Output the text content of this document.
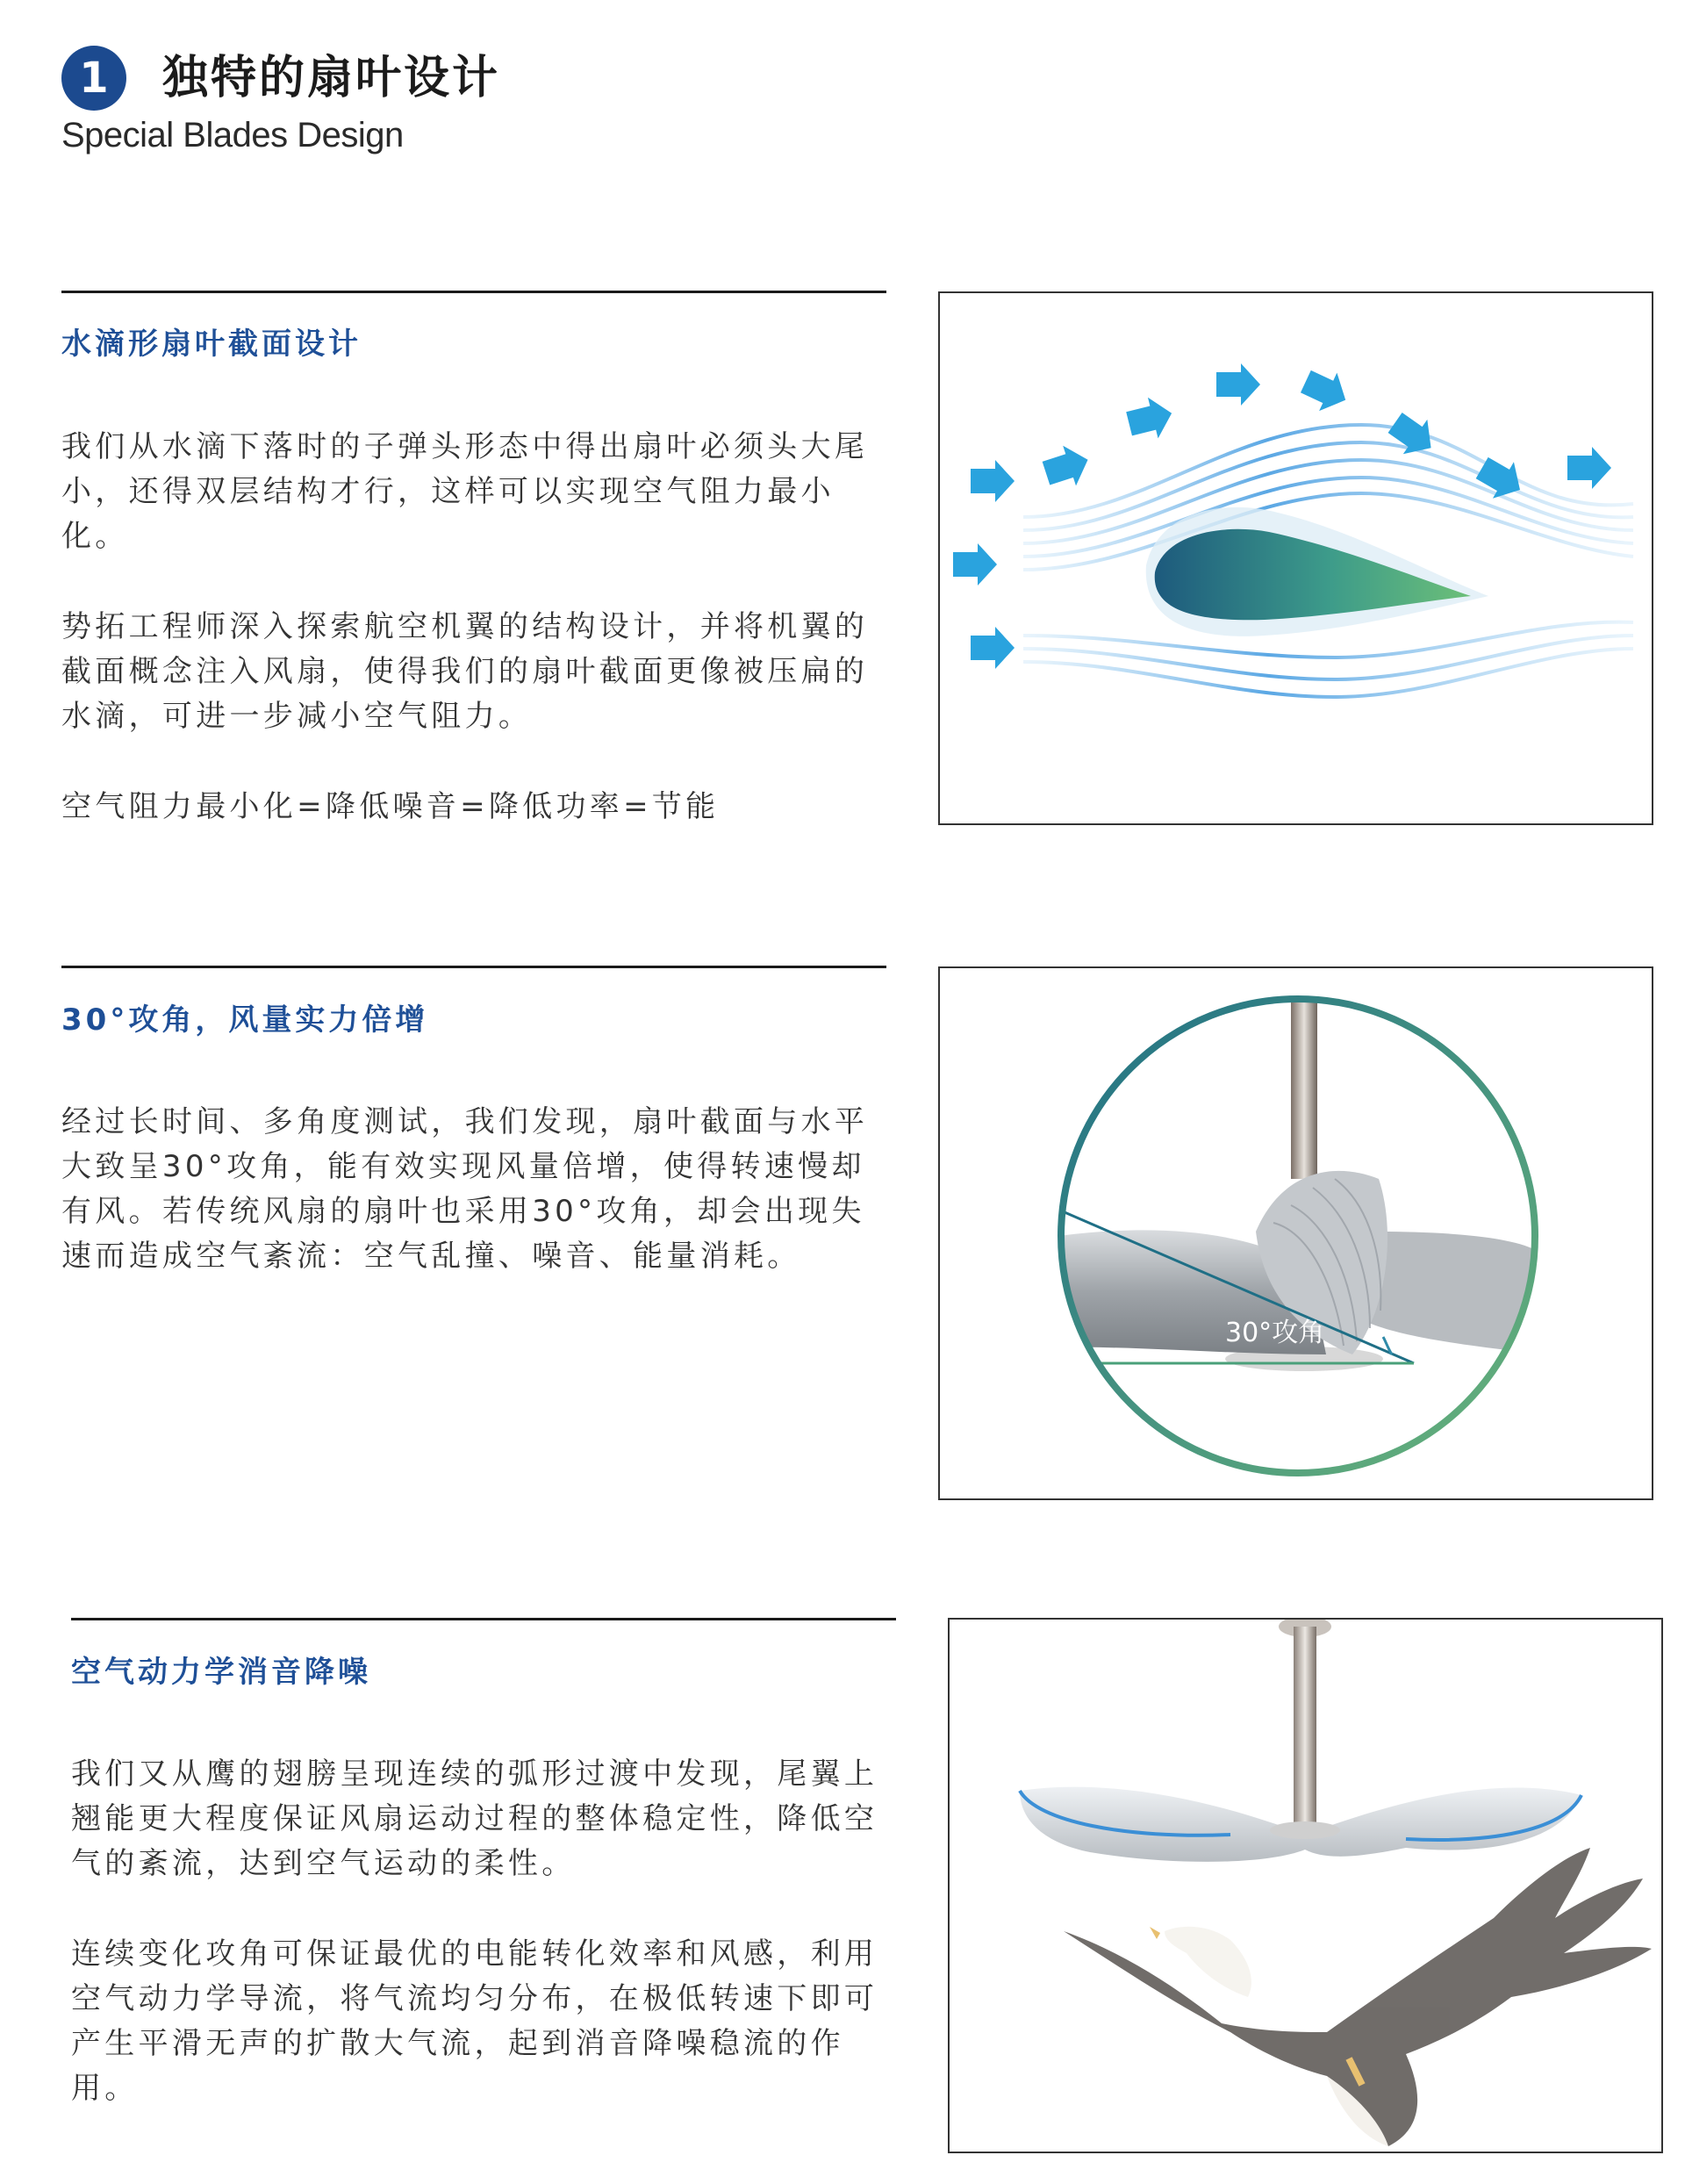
1	独特的扇叶设计
Special Blades Design
水滴形扇叶截面设计

我们从水滴下落时的子弹头形态中得出扇叶必须头大尾小，还得双层结构才行，这样可以实现空气阻力最小化。

势拓工程师深入探索航空机翼的结构设计，并将机翼的截面概念注入风扇，使得我们的扇叶截面更像被压扁的水滴，可进一步减小空气阻力。

空气阻力最小化=降低噪音=降低功率=节能

30°攻角，风量实力倍增

经过长时间、多角度测试，我们发现，扇叶截面与水平大致呈30°攻角，能有效实现风量倍增，使得转速慢却有风。若传统风扇的扇叶也采用30°攻角，却会出现失速而造成空气紊流：空气乱撞、噪音、能量消耗。

30°攻角
空气动力学消音降噪

我们又从鹰的翅膀呈现连续的弧形过渡中发现，尾翼上翘能更大程度保证风扇运动过程的整体稳定性，降低空气的紊流，达到空气运动的柔性。

连续变化攻角可保证最优的电能转化效率和风感，利用空气动力学导流，将气流均匀分布，在极低转速下即可产生平滑无声的扩散大气流，起到消音降噪稳流的作用。
